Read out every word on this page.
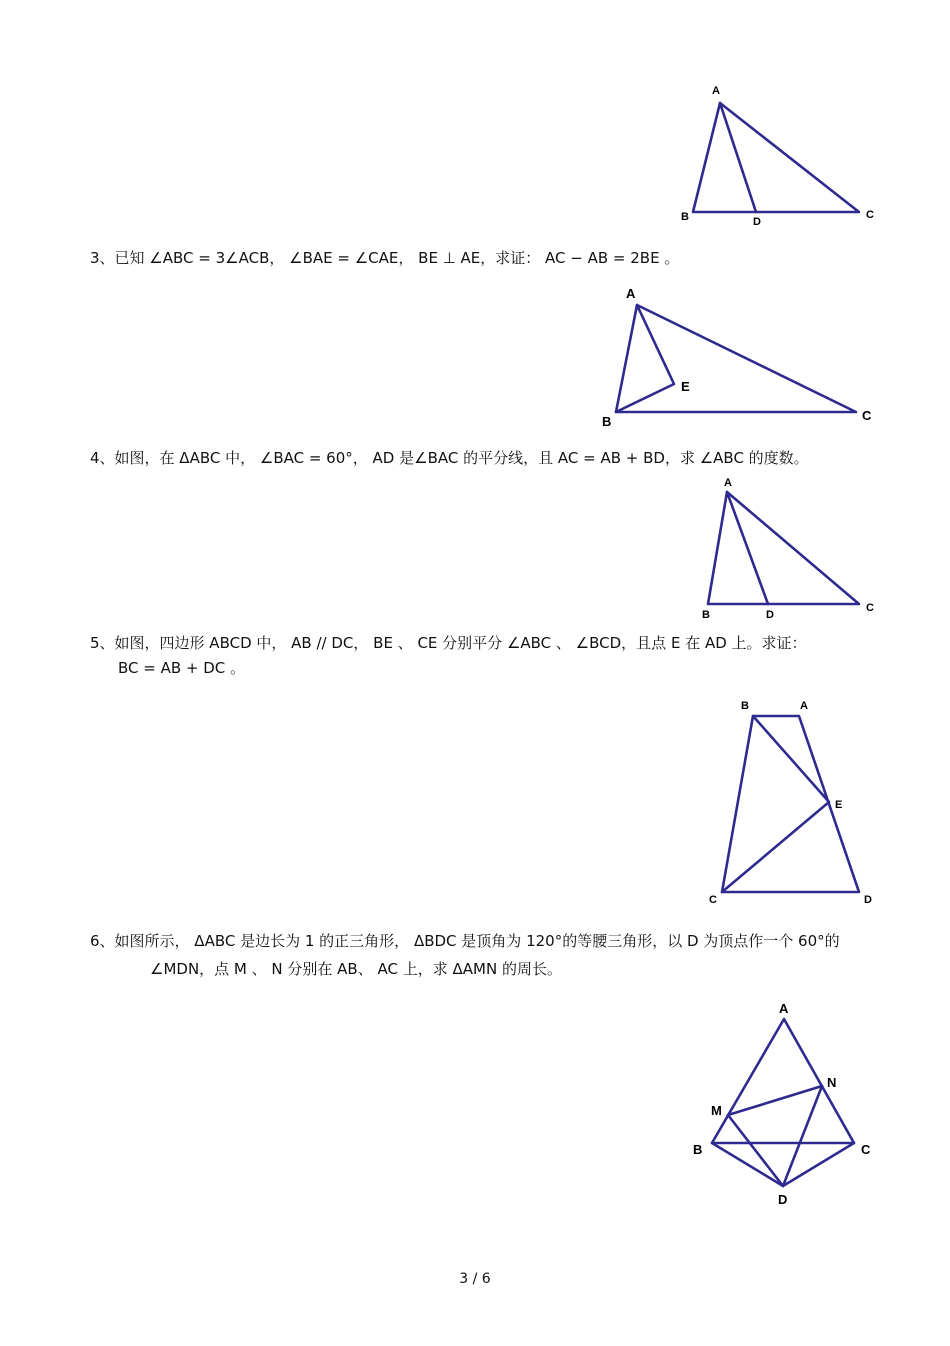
A
B	D
C
3、已知 ∠ABC = 3∠ACB， ∠BAE = ∠CAE， BE ⊥ AE，求证： AC − AB = 2BE 。
A
E
B	C
4、如图，在 ΔABC 中， ∠BAC = 60°， AD 是∠BAC 的平分线，且 AC = AB + BD，求 ∠ABC 的度数。
A
B	D
C
5、如图，四边形 ABCD 中， AB // DC， BE 、 CE 分别平分 ∠ABC 、 ∠BCD，且点 E 在 AD 上。求证：
BC = AB + DC 。
B	A
E
C	D
6、如图所示， ΔABC 是边长为 1 的正三角形， ΔBDC 是顶角为 120°的等腰三角形，以 D 为顶点作一个 60°的
∠MDN，点 M 、 N 分别在 AB、 AC 上，求 ΔAMN 的周长。
A
N
M
B	C
D
3 / 6
